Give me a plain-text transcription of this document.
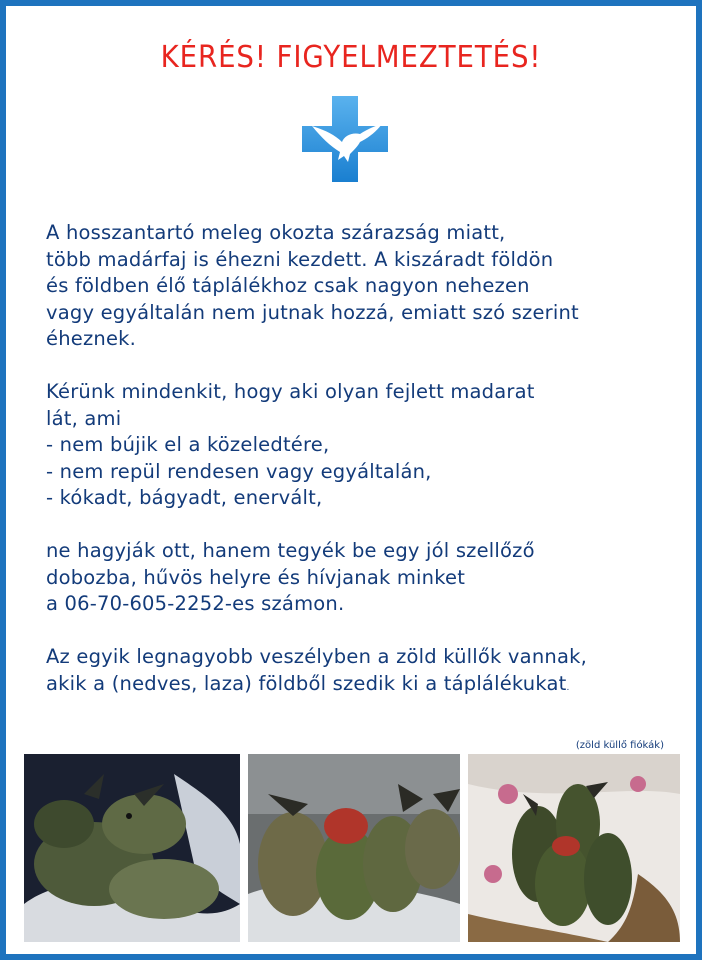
KÉRÉS! FIGYELMEZTETÉS!

A hosszantartó meleg okozta szárazság miatt,
több madárfaj is éhezni kezdett. A kiszáradt földön
és földben élő táplálékhoz csak nagyon nehezen
vagy egyáltalán nem jutnak hozzá, emiatt szó szerint
éheznek.

Kérünk mindenkit, hogy aki olyan fejlett madarat
lát, ami
- nem bújik el a közeledtére,
- nem repül rendesen vagy egyáltalán,
- kókadt, bágyadt, enervált,

ne hagyják ott, hanem tegyék be egy jól szellőző
dobozba, hűvös helyre és hívjanak minket
a 06-70-605-2252-es számon.

Az egyik legnagyobb veszélyben a zöld küllők vannak,
akik a (nedves, laza) földből szedik ki a táplálékukat.

(zöld küllő fiókák)
